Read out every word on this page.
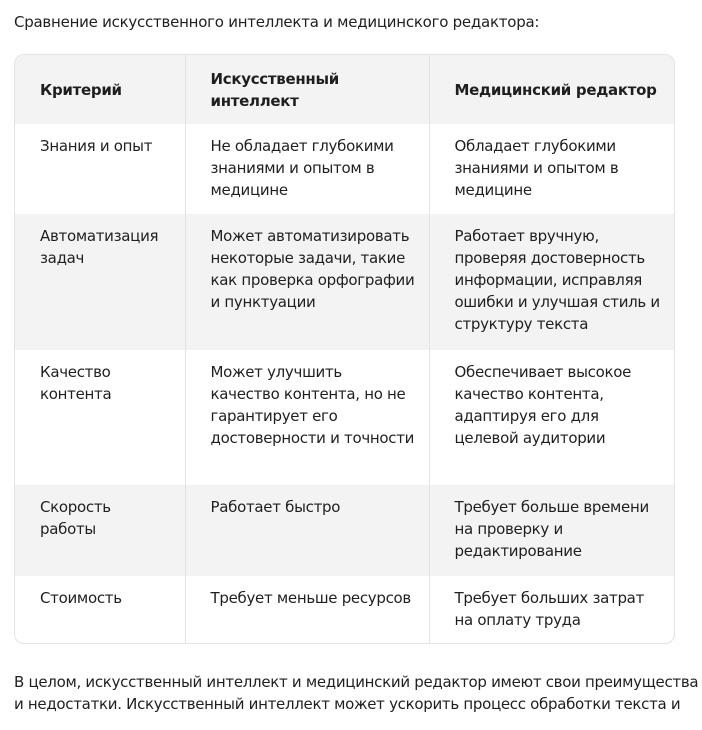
Сравнение искусственного интеллекта и медицинского редактора:
Критерий	Искусственный интеллект	Медицинский редактор
Знания и опыт	Не обладает глубокими знаниями и опытом в медицине	Обладает глубокими знаниями и опытом в медицине
Автоматизация задач	Может автоматизировать некоторые задачи, такие как проверка орфографии и пунктуации	Работает вручную, проверяя достоверность информации, исправляя ошибки и улучшая стиль и структуру текста
Качество контента	Может улучшить качество контента, но не гарантирует его достоверности и точности	Обеспечивает высокое качество контента, адаптируя его для целевой аудитории
Скорость работы	Работает быстро	Требует больше времени на проверку и редактирование
Стоимость	Требует меньше ресурсов	Требует больших затрат на оплату труда

В целом, искусственный интеллект и медицинский редактор имеют свои преимущества

и недостатки. Искусственный интеллект может ускорить процесс обработки текста и
